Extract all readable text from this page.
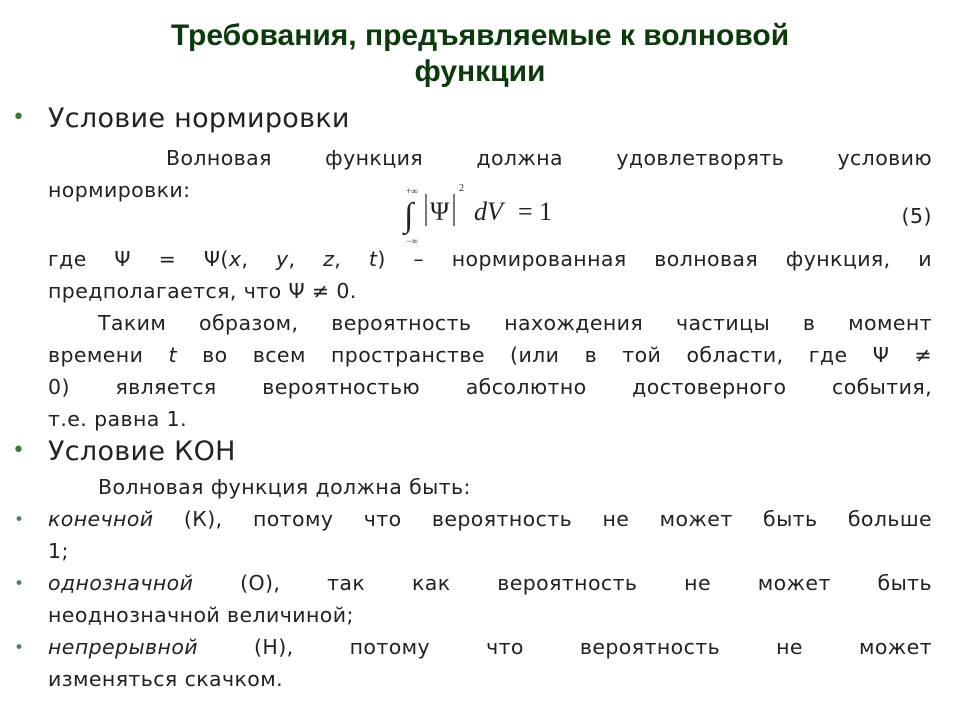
Требования, предъявляемые к волновой
функции
• Условие нормировки
Волновая функция должна удовлетворять условию
нормировки:	+∞
∫
−∞
Ψ
2
dV = 1	(5)
где Ψ = Ψ(x, y, z, t) – нормированная волновая функция, и
предполагается, что Ψ ≠ 0.
Таким образом, вероятность нахождения частицы в момент
времени t во всем пространстве (или в той области, где Ψ ≠
0) является вероятностью абсолютно достоверного события,
т.е. равна 1.
• Условие КОН
Волновая функция должна быть:
• конечной (К), потому что вероятность не может быть больше
1;
• однозначной (О), так как вероятность не может быть
неоднозначной величиной;
• непрерывной (Н), потому что вероятность не может
изменяться скачком.
